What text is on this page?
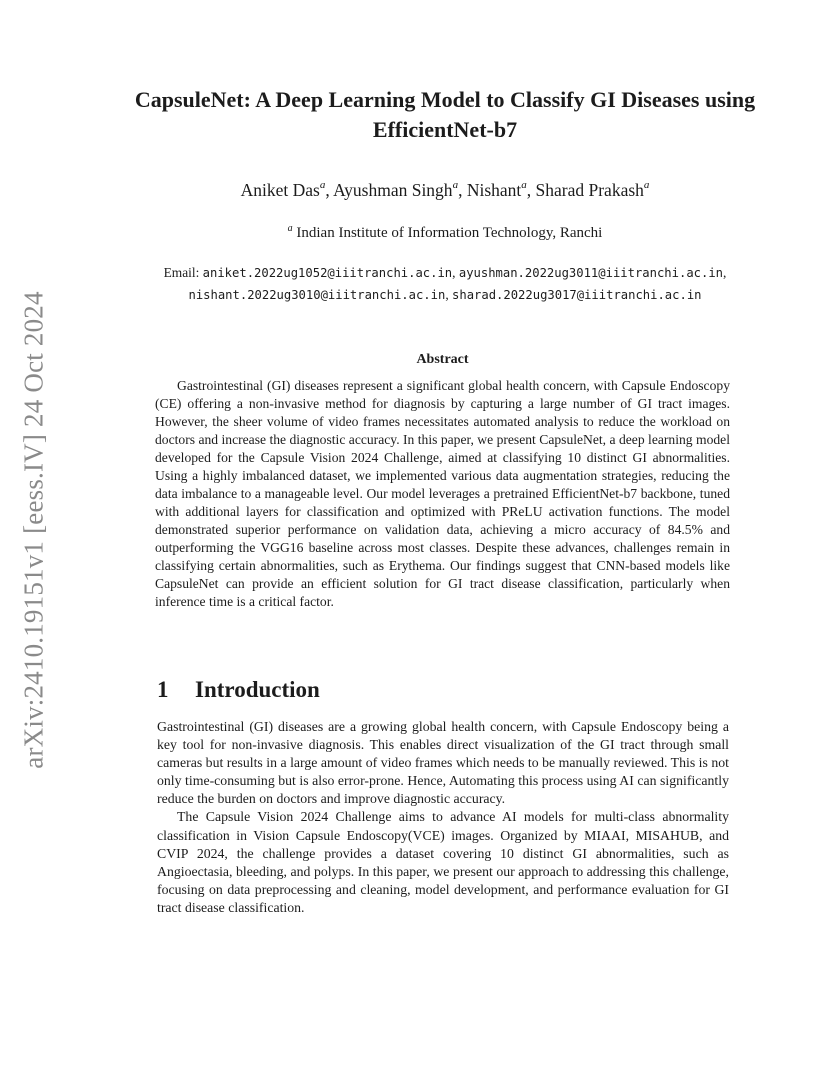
arXiv:2410.19151v1 [eess.IV] 24 Oct 2024
CapsuleNet: A Deep Learning Model to Classify GI Diseases using EfficientNet-b7
Aniket Das$^a$, Ayushman Singh$^a$, Nishant$^a$, Sharad Prakash$^a$
$^a$ Indian Institute of Information Technology, Ranchi
Email: aniket.2022ug1052@iiitranchi.ac.in, ayushman.2022ug3011@iiitranchi.ac.in,
nishant.2022ug3010@iiitranchi.ac.in, sharad.2022ug3017@iiitranchi.ac.in
Abstract
Gastrointestinal (GI) diseases represent a significant global health concern, with Capsule Endoscopy (CE) offering a non-invasive method for diagnosis by capturing a large number of GI tract images. However, the sheer volume of video frames necessitates automated analysis to reduce the workload on doctors and increase the diagnostic accuracy. In this paper, we present CapsuleNet, a deep learning model developed for the Capsule Vision 2024 Challenge, aimed at classifying 10 distinct GI abnormalities. Using a highly imbalanced dataset, we implemented various data augmentation strategies, reducing the data imbalance to a manageable level. Our model leverages a pretrained EfficientNet-b7 backbone, tuned with additional layers for classification and optimized with PReLU activation functions. The model demonstrated superior performance on validation data, achieving a micro accuracy of 84.5% and outperforming the VGG16 baseline across most classes. Despite these advances, challenges remain in classifying certain abnormalities, such as Erythema. Our findings suggest that CNN-based models like CapsuleNet can provide an efficient solution for GI tract disease classification, particularly when inference time is a critical factor.
1 Introduction

Gastrointestinal (GI) diseases are a growing global health concern, with Capsule Endoscopy being a key tool for non-invasive diagnosis. This enables direct visualization of the GI tract through small cameras but results in a large amount of video frames which needs to be manually reviewed. This is not only time-consuming but is also error-prone. Hence, Automating this process using AI can significantly reduce the burden on doctors and improve diagnostic accuracy.

The Capsule Vision 2024 Challenge aims to advance AI models for multi-class abnormality classification in Vision Capsule Endoscopy(VCE) images. Organized by MIAAI, MISAHUB, and CVIP 2024, the challenge provides a dataset covering 10 distinct GI abnormalities, such as Angioectasia, bleeding, and polyps. In this paper, we present our approach to addressing this challenge, focusing on data preprocessing and cleaning, model development, and performance evaluation for GI tract disease classification.
